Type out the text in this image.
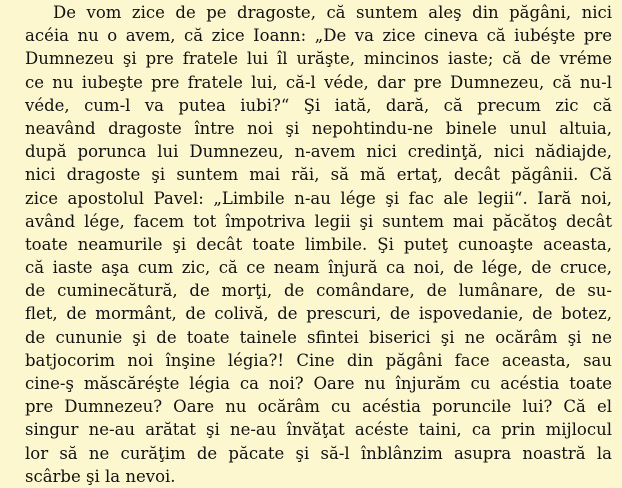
De vom zice de pe dragoste, că suntem aleş din păgâni, nici
acéia nu o avem, că zice Ioann: „De va zice cineva că iubéşte pre
Dumnezeu şi pre fratele lui îl urăşte, mincinos iaste; că de vréme
ce nu iubeşte pre fratele lui, că-l véde, dar pre Dumnezeu, că nu-l
véde, cum-l va putea iubi?“ Şi iată, dară, că precum zic că
neavând dragoste între noi şi nepohtindu-ne binele unul altuia,
după porunca lui Dumnezeu, n-avem nici credinţă, nici nădiajde,
nici dragoste şi suntem mai răi, să mă ertaţ, decât păgânii. Că
zice apostolul Pavel: „Limbile n-au lége şi fac ale legii“. Iară noi,
având lége, facem tot împotriva legii şi suntem mai păcătoş decât
toate neamurile şi decât toate limbile. Şi puteţ cunoaşte aceasta,
că iaste aşa cum zic, că ce neam înjură ca noi, de lége, de cruce,
de cuminecătură, de morţi, de comândare, de lumânare, de su-
flet, de mormânt, de colivă, de prescuri, de ispovedanie, de botez,
de cununie şi de toate tainele sfintei biserici şi ne ocărâm şi ne
batjocorim noi înşine légia?! Cine din păgâni face aceasta, sau
cine-ş măscăréşte légia ca noi? Oare nu înjurăm cu acéstia toate
pre Dumnezeu? Oare nu ocărâm cu acéstia poruncile lui? Că el
singur ne-au arătat şi ne-au învăţat acéste taini, ca prin mijlocul
lor să ne curăţim de păcate şi să-l înblânzim asupra noastră la
scârbe şi la nevoi.
